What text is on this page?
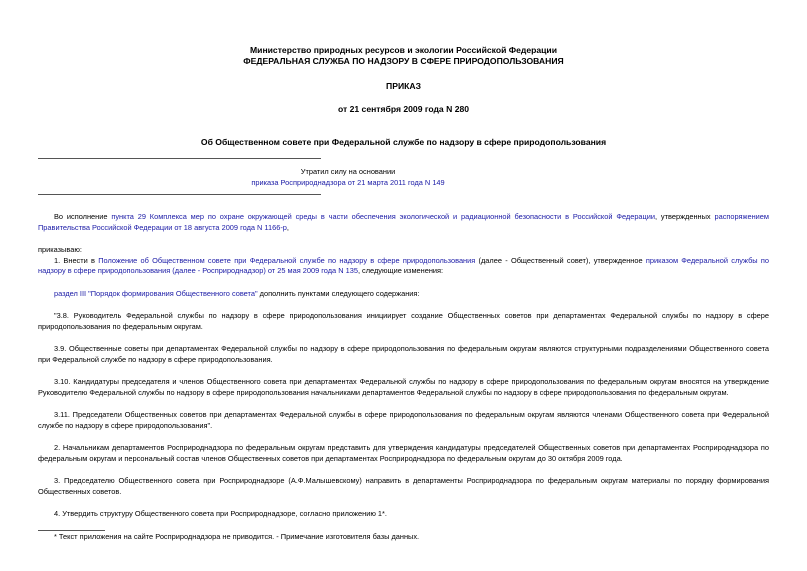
Министерство природных ресурсов и экологии Российской Федерации
ФЕДЕРАЛЬНАЯ СЛУЖБА ПО НАДЗОРУ В СФЕРЕ ПРИРОДОПОЛЬЗОВАНИЯ
ПРИКАЗ
от 21 сентября 2009 года N 280
Об Общественном совете при Федеральной службе по надзору в сфере природопользования
Утратил силу на основании
приказа Росприроднадзора от 21 марта 2011 года N 149

Во исполнение пункта 29 Комплекса мер по охране окружающей среды в части обеспечения экологической и радиационной безопасности в Российской Федерации, утвержденных распоряжением Правительства Российской Федерации от 18 августа 2009 года N 1166-р,

приказываю:

1. Внести в Положение об Общественном совете при Федеральной службе по надзору в сфере природопользования (далее - Общественный совет), утвержденное приказом Федеральной службы по надзору в сфере природопользования (далее - Росприроднадзор) от 25 мая 2009 года N 135, следующие изменения:

раздел III "Порядок формирования Общественного совета" дополнить пунктами следующего содержания:

"3.8. Руководитель Федеральной службы по надзору в сфере природопользования инициирует создание Общественных советов при департаментах Федеральной службы по надзору в сфере природопользования по федеральным округам.

3.9. Общественные советы при департаментах Федеральной службы по надзору в сфере природопользования по федеральным округам являются структурными подразделениями Общественного совета при Федеральной службе по надзору в сфере природопользования.

3.10. Кандидатуры председателя и членов Общественного совета при департаментах Федеральной службы по надзору в сфере природопользования по федеральным округам вносятся на утверждение Руководителю Федеральной службы по надзору в сфере природопользования начальниками департаментов Федеральной службы по надзору в сфере природопользования по федеральным округам.

3.11. Председатели Общественных советов при департаментах Федеральной службы в сфере природопользования по федеральным округам являются членами Общественного совета при Федеральной службе по надзору в сфере природопользования".

2. Начальникам департаментов Росприроднадзора по федеральным округам представить для утверждения кандидатуры председателей Общественных советов при департаментах Росприроднадзора по федеральным округам и персональный состав членов Общественных советов при департаментах Росприроднадзора по федеральным округам до 30 октября 2009 года.

3. Председателю Общественного совета при Росприроднадзоре (А.Ф.Малышевскому) направить в департаменты Росприроднадзора по федеральным округам материалы по порядку формирования Общественных советов.

4. Утвердить структуру Общественного совета при Росприроднадзоре, согласно приложению 1*.

* Текст приложения на сайте Росприроднадзора не приводится. - Примечание изготовителя базы данных.
